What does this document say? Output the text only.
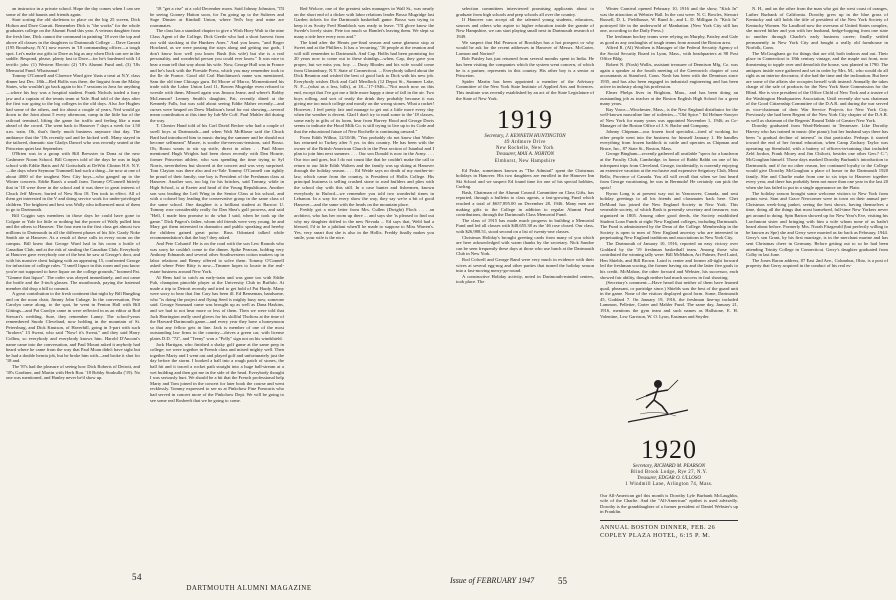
an instructor in a private school. Hope the day comes when I can see some of the old haunts and friends again.

Start sorting the old skeletons to place on the big 25 screen, Dick Holton and Dave Garratt. Remember Dick is "the works" for the whole graduates college on the Alumni Fund this year. A veteran daughter from the fresh line, Dick cannot the command in painting '18 over the top and above all classes in the daughters to Dartmouth College ... Dave Garratt (195 Broadway, N.Y.) now moves in '18 commanding officer—a tough spot. Let's make our gifts to Dave as big as any when Dick can see in the saddle. Respond, please, plenty fast to Dave—for he's burdened with 14 terrific jobs: (1) Western Electric (2) '18's Alumni Fund and, (3) '18s Memorial Fund. Whatssmat!

Tommy O'Connell and Clarence Ward give 'thats a treat at N.Y. class dinner last Dec. 18th—Red Hollis was there, the linguist from the Malay States, who wouldn't go back again to his 7 sessions in Java for anything—where his boy was a hospital student. Frank Nichols traded a furry jaw and a captain of the tennis team at Yale. Bud told of the days after the first war going to the big colleges in the old days. Also Joe Hughes had some of the others, and for about a couple of years, Ned would go down to the Joint about 5 every afternoon, camp in the little bar of the railroad terminal, lifting the game for traffic and feeling like a man ahead of the crowd. The went back to Hanover 7 days a week for 1.50 a.m. train. Oh, that's finely much business anymore that day. The ambiance that the '18s recently sad and he kicked well. Many stayed in the tailored, dramatic star Gladys Dancel who was recently seated at the Princeton quiet last September.

O'Brien was in a group with Bill Brewster in Dona at the new Cashmere Noom School. Bill Conyers told of the days he was in high school with Eddie Batts and Al Gottschalk at DeWitt Clinton H.S. N.Y.—the days when Seymour Trammell had such a thing—he now at one of about 4000 of the toughest New City boys—who ganged up to the Winter concerts. Eddie Baas's a small farm. Tommy O'Connell bitterly that in '18 were there in the school and it was there to great interest of Chuck Jeff Mercer, buried of New Rou 18. Ten took in effect. All of them get interested in the V and doing service work for under-privileged children. The brightest and best was Wally who influenced most of them to go to Dartmouth.

Bill Coggin says members in those days he could have gone to Colgate or Yale for little or nothing but the power of Wally pulled him and the others to Hanover. The four men in the first class get almost two millions to Dartmouth in all the different phases of his life. Gardy Noke Smith ate at Hanover. As a result of these calls in every room on the campus. Bill knew that George Ward had in his room a bottle of Canadian Club, and at the risk of stealing the Canadian Club, Everybody at Hanover gave everybody one of the best he saw at George's door, and with his massive chest bulging with an appearing 15, confronted George for infraction of college rules. "I smell liquor in this room and you know you're not supposed to have liquor on the college grounds," boomed Pat. "Gimme that liquor". The order was obeyed immediately, and out came the bottle and the 3-inch glasses. The mouthwash, paying the fraternal member did drop a bill to commit.

A great contribution to the fresh continent that night by Bill Bungling and on the noon chair, Jimmy John Cubage. In the conversation, Pete Carolyn came along, to the spot, he went in Fenton Hall with Bill Gittings—and Pat Carolyn came in were reflected in as an editor at Rod Stewart's wedding. Sure, they remember Lanny. The school-years remembered Snodo Cleveland, now holding in the mountain of St. Petersburg, and Dick Knutson, of Haverhill, going in 3-part with such "brokers" 13 Sweat, who said "Now! it's Sweat," and they said Harry Collins, so everybody and everybody knows him. Harold D'Anconi's name came into the conversation, and Paul Mount asked it anybody had heard where he came from the way that Paul Moan didn't have sight but he had a double hernia job, but he broke him with—and broke it shot for '18 and.

The '87s had the pleasure of seeing how Dick Roberts of Detroit, and '18's Gardiner, and Martin with Herb Ron. '18 Bobby Strakulla ('19). No one was mentioned, and Hanley never he'd show up.

'18 "get a rise" at a cold December morn. Said Johnny Johnston, "I'll be seeing Gooney Hatton soon, for I'm going up to the Sulteres and Suge Dinster at Kimball Union, where Ted's boy and mine are roommates.

The class has a standard chapter to give a Wish Hoey Walt to the nine Class Agent of the College, Dick Geetle who had a short harvest from our wild stacking at the Hunkers Anes." And you know, "and Roger Howland, as we were passing the stays along and getting our gods, I don't know how well you know Bush (his wife) but she is a real personality, and wonderful person you could ever know." It was nice to hear a man tell that way about his wife. Now, George Hull was in France and he's back with the Fireside Press, which you may remember took to the Ile de France. Good old Carl Hutchinson's name was mentioned, Sam the old time Chicago guru. Ed Moore of Marco, Mcmentioned his trade with the Labor Union Leal 11, Bowen Mugridge even refused to wrestle with them. Missed again was Jimaca Jeane, and where's Robby McLennon? Lenney Smith's daughter, Pat, recently dined at the Kennedy Falls, but was sold about seeing Eddie Maher recently—and curses were heaped on Drew Madison's head for not showing—several mean contribution at this time by Iub-Me Coff. Paul Mahler did during the way.

T. Chester Hand told of his Carl David Becker who had a couple of swell boys at Dartmouth—and when Walt McBlasse said the Chuck Bard had introduced him to music during the summer and he should not become selfmeant" Musee, is soothe the-nervous-tensions, said Bosso. Oh, Bosso wants to stir up strife, direct in other. . . Paul Moser mentioned Hugh Wrights had been down recently with Dan Hourie, former Princeton athlete, who was spending the time trying to Syl Norris, nevertheless but showed at the concert and was very surprised. Tom Clayton was there also and ex-Yale Tommy O'Connell can rightly be proud of their family; one boy is President of the Freshman class at Hanover. Another son, too big for his britches, said Tommy, while in High School, is at Exeter and head of the Young Republicans. Another son was leading the Left Wing in the Senior Class at his school, and with a colonel boy leading the conservative group in the same class of the same school. One daughter is a brilliant student at Barrow U. Tommy rose considerably really for Dan Shea's golf prowess, and said "Hell, I made him promise to do what I said, when he took up the game." Dick Pageot's father, whom old friends were very young, he and Mary got them interested in dramatics and public speaking and hereby the children gained great poise. Russ Odontard talked while recommendation's that the boy? they asked.

And Pete Colsanti! He is on the road with the son Lew Rounds who was sorry he couldn't come to the dinner. Spike Pearson, holding very Anthony Edmands and several other Southwestern cotton mutters up in labor relations and Benny offered to solve them. Tommy O'Connell asked where Peter Ritty is now—Timmer hopes to locate in the real-estate business around New York.

Al Hens had to catch an early-train and was gone too with Eddie Fuh, champion pinochle player at the University Club in Buffalo. At made a trip to Detroit recently and tried to get hold of Pat Hardy. Many were sorry to hear that Jim Cary has been ill. Ed Benseman, handsome, who "is doing the project and flying Seed is mighty busy now, someone said. George Soumazd came was brought up as well as Dana Haskins, and we had to not hear more or less of them. Then we were told that Jack Harrington really used gloves for his skillful Tholtoss at the time of the Harvard-Dartmouth game—and every year they have a honeymoon so that any fellow gets in line. Jack is member of one of the most outstanding law firms in the country—drives a green car, with license plates D.D. "72", and "Teeny" won a "Polly" sign not on his windshield.

Jack Hartigan, who finished a shaky golf game at the same prep in college; we were together in French class and mixed mighty well. Then together Marty and I went out and played golf and unfortunately just the day before the storm. I booked a ball into a rough patch of stones, the ball hit and it traced a rocket path straight into a huge ball-stream at a wet building and then got me in the side of the head. Everybody thought I was seriously hurt. We should be a bit that the French professional help Marty and Tom joined in the concert for later book the course and went recklessly. Tommy expressed to see us at Pinkchow Fine Fomcarts who had served in concert more of the Pinkchow Dept. We will be going to see some real Rosbeeft that we be going to come.

Red Wolcoe, one of the greatest sales managers in Wall St., was nearly on the short end of a dicker with labor relations leader Bosso Mugridge last Garden tickets for the Dartmouth basketball game. Bosso was trying to keep it as Scotty Fred Hamblock was ready to leave. "I'll glove know the Swede's lovely sister. Pete too much so Hamlet's leaving them. We slept so many a ride here every now and."

The kind after the Hearts pre-final season and some glamour stop at Sweet and at the Philliers. It has a 'recurring,' '16 people at the reunion and will still remember to Dartmouth. And Cap. Hollis had been promising for 20 years now to come out to these shindigs—when, Cap, they gave you proper, but we miss you, boy. ... Dusty Rhodes and his wife would come from Glastonbury, N.Y. State of Connecticut. ... Everybody talked about the Dick Reunion and wished the best of good luck to Dick with his new job. Everybody wishes Dick and Gulf Merdlock (12 Depot St., Summer Lake, N. F.—(what as a less, bills), at 18—'17-1946—"Not much now on this end, except that I've got me a little more happy a time of fall in the air. Two boys rolling, and sort of ready the drink they probably because it was giving me too much college and mostly on the wrong stones. What a racket! However, I feel pretty fair and manage to get out a little more every day when the weather is decent. Glad I don't try to mail some to the '18 classes, some early in gifts of its loom, hear from Harvey Hood and George Davis seems to indicate the Hood Milk Co. is still trying to live up to its Code and that the educational future of New Rochelle is continuing onward."

From Edith Wilbur, 12/10/46, "You probably do not know that Walter has returned to Turkey after 5 yrs. in this country. He has been with the owner of the British-American Church in the Pera section of Istanbul and I plan to join him next summer. . . . Our son Donald is now in the Army. . . . Our two and goes, but I do not count like that he couldn't make the call to return to our little Edith Walters and the family was up skiing at Hanover through the holiday season. . . . Ed Weide says no death of my mother-in-law, which came from the country, is President of Hollis College. His principal business is selling crushed stone to road builders and plies with the school day with this still. In a case hunter and fishermen, known everybody in Buford—we remember you told two wonderful times in Lebanon. In a way for every show the way, they say we're a bit of good Hanover—and the same with the heads on the mountain place.

Freddy got a nice letter from Mrs. Cullen (Dwight) Flock . . . an architect, who has her room up there ... and says she 'is pleased to find out why my daughter drifted to the new Nevada ... Ed says that, Weld had a blessed, I'd to be a jubilant when'll be made to suppose to Miss Warren's. Yes, very smart that she is also in the Hollis. Freddy finally makes you smile, your wife is the nice.

54
DARTMOUTH ALUMNI MAGAZINE

selection committees interviewed promising applicants about to graduate from high schools and prep schools all over the country.

If Hanover can accept all the talented young students, educators, sources and others who aspire to higher education inside the granite of New Hampshire, we can start playing small next in Dartmouth research of 1949.

We suspect that Hal Pearson of Brooklyn has a hot prospect or why would he ask for the recent addresses in Hanover of Messrs. McCarter, Larmon and Norton?

Bob Paisley has just returned from several months spent in India. He has been visiting the companies which the system went concern, of which he is a partner, represents in this country. His other boy is a senior at Princeton.

Spider Martin has been appointed a member of the Advisory Committee of the New York State Institute of Applied Arts and Sciences. This institute was recently established by an act of the State Legislature of the State of New York.

1919
Secretary, J. KENNETH HUNTINGTON
49 Ardmore Drive
New Rochelle, New York
Treasurer, MAX A. NORTON
Elmhurst, New Hampshire

Ed Fiske, sometimes known as "The Admiral" spent the Christmas holidays in Hanover. His two daughters are enrolled in the Hanover Inn Ski School and we suspect Ed found time for one of his special hobbies, Curling.

Bash, Chairman of the Alumni Council Committee on Class Gifts, has reported, through a bulletin to class agents, a fast-growing Fund which reached a total of $657,895.00 on December 28, 1946. Many men are making gifts to the College in addition to regular Alumni Fund contributions, through the Dartmouth Class Memorial Fund.

The class of 1915 has made much progress in building a Memorial Fund and led all classes with $48,655.38 as the '46 rose closed. Our class, with $26,988.51, stood second on a list of twenty-one classes.

Christmas Holiday's brought greeting cards from many of you which are here acknowledged with warm thanks by the secretary. Nick Sandoe can be seen frequently these days at those who use lunch at the Dartmouth Club in New York.

Rod Colwell and George Rand were very much in evidence with their wives at several egg-nog and other parties that turned the holiday season into a fast-moving merry-go-round.

A constructive Holiday activity, noted in Dartmouth-minded centers, took place. The

Winter Carnival opened February 10, 1916 and the show, "Kick In" was the attraction at Webster Hall. In the cast were: N. C. Bowles, Stewart Russell, D. L. Fieldhouse, W. Rund Jr., and L. D. Milligan Jr. "Kick In" portrayed life in the underworld of Manhattan. (New York City still has one, according to the Daily Press.)

The freshman hockey teams were relying on Murphy, Paisley and Gale as good as any onslaughts of tough teams from around the Boston area.

Alfred R. (Al) Worthen is Manager of the Federal Security Agency of the Social Security Board in Lynn, Mass., with headquarters at 98 Post Office Bldg.

Robert N. (Nosh) Wallis, assistant treasurer of Dennison Mfg. Co. was again a speaker at the fourth meeting of the Greenwich chapter of cost accountants at Stamford, Conn. Nosh has been with the Dennison since 1935, and has also been engaged in industrial engineering and has been active in industry along his profession.

Elmer Phelps lives in Brighton, Mass., and has been doing an outstanding job as teacher at the Boston English High School for a great many years.

Ray Vorce—Winchester, Mass., is the New England distributor for the well-known masculine line of toiletries—"Old Spice." Ed Helmer-Sawyer of New York for many years was appointed November 1, 1946, as Co-Manager of the Boston Office of J. S. Bache and Company.

Johnny Chipman—our frozen food specialist—tired of working for other people went into the business for himself January 1. He handles everything from frozen haddock to cattle and operates as Chipman and Bruce, Inc., 87 State St., Boston, Mass.

George Bingham—recently gathered all available "specs for a luncheon at the Faculty Club, Cambridge, in honor of Rabbi Rabbi on one of his infrequent trips from Cleveland, George, incidentally, is currently enjoying an extensive vacation at the exclusive and expensive Seigniory Club, Mont Bello, Province of Canada. You all will recall that when we last heard from George vacationing, he was in Bermuda! He certainly can pick the spots!

Byron Long is at present way out in Vancouver, Canada, and sent holiday greetings to all his friends and classmates back here. Chet DeMond has joined the New England Society in New York. This venerable society, of which Bash is presently secretary and treasurer, was organized in 1805. Among other good deeds, the Society established Student Loan Funds at eight New England colleges, including Dartmouth. The Fund is administered by the Dean of the College. Membership in the Society is open to men of New England ancestry who are interested in perpetuating New England traditions and associations in New York City.

The Dartmouth of January 10, 1916, reported an easy victory over Goddard by the '19 freshman basketball team. Among those who contributed the winning tally were: Bill McMahon, Art Palmer, Fred Laird, Hen Shields, and Bill Brown. Laird is center and former all-tight forward led the freshman scoring, the former having six and the latter five goals to his credit. McMahon, the other forward and Webster, his successor, each showed fair ability, though neither had much success in foul shooting.

(Secretary's comment:—Have heard that neither of them have learned quail, pheasant, or partridge since.) Shields was the best of the guard unit in the game. None of the visitors displayed good form. Some, Dartmouth 45, Goddard 7. On January 19, 1916, the freshman line-up included Lammon, Pelletier, Carter and Mahler Fund. The same day, January 21, 1916, mentions the gym team and such names as Hallstone, E. H. Valentine, Lew Garrison, W. O. Lyon, Eastman and Snyder.

N. H., and on the other from the man who got the west coast of oranges, Luther Burbank of California. Dorothy grew up in the blue grass of Kentucky and still holds the title of president of the New York Society of Kentucky Women. No Landlord now the overseas of United States complex, she moved hither and yon with her husband, hedge-hopping from one state to another through Charlie's early business career; finally settled permanently in New York City and bought a really old farmhouse in Norfolk, Conn.

The McGoughans go for things that are old, both indoors and out. Their place in Connecticut is 18th century vintage, and the maple out front, now threatening to topple over and demolish the house, was planted in 1790. The antiques inside were gathered and set in order by Mrs. M., who would do all right as an interior decorator, if she had the time and the inclination. But here are some of the affairs she occupies herself with instead: Annually the takes charge of the sale of products for the New York State Commission for the Blind. She is vice president of the Office Child of New York and a trustee of the Washington Headquarters Association, Until recently she was chairman of the Good Citizenship Committee of the D.A.R. and during the war served as vice-chairman of their War Service Projects for New York City. Previously she had been Regent of the New York City chapter of the D.A.R. as well as chairman of the Regents' Round Table of Greater New York.

Dorothy graduated from Ward-Belmont in Tennessee. Like Dorothy Harvey who has trained in music (the piano); but her husband says there has been "a gradual decline of interest" in that particular. Perhaps it started toward the end of her formal education, when Camp Zachary Taylor was operating up Sternhold, with a battery of officers-in-training that included Zeld Jordon, Frank Morey and Jim Chilcott, besides one other Gen.? C."; McGoughan himself. Those days marked Dorothy Burbank's introduction to Dartmouth; and if for no other reason, her continued loyalty to the College would give Dorothy McGoughan a place of honor in the Dartmouth 1920 family. She and Charlie make from one to six trips to Hanover together every year, and there has probably been not more than one year in the last 20 when she has failed to put in a single appearance on the Plain.

The holiday season brought some welcome visitors to New York from points west. Stan and Grace Newcomer were in town on their annual pre-Christmas week-long junket, seeing the best shows, having themselves a time, doing all the things that most homebred, full-time New Yorkers never get around to doing. Spin Barton showed up for New Year's Eve, visiting his Larchmont sister and bringing with him a wife whom none of us hadn't heard about before. Formerly Mrs. Norah Fitzgerald (but perfectly willing to be known as Spe) she and Gerry were married as far back as February, 1944. Gerry's son Grant, by his first marriage, is in the merchant marine and has sent Christmas cheer in Germany. Before getting out to so he had been attending Trinity College in Connecticut. Gerry's daughter graduated from Colby in last June.

The Jones Baron address, 87 East 2nd Ave., Columbus, Ohio, is a post of property that Gerry acquired in the conduct of his real es-

1920
Secretary, RICHARD M. PEARSON
Blind Brook Lodge, Rye 27, N.Y.
Treasurer, EDGAR O. ULLOSO
1 Windmill Lane, Arlington 74, Mass.

Our All-American girl this month is Dorothy Lyle Burbank McLaughlin, wife of the Charlie. And the "All-American" epithet is used advisedly. Dorothy is the granddaughter of a former president of Daniel Webster's up in Franklin.

ANNUAL BOSTON DINNER, FEB. 26
COPLEY PLAZA HOTEL, 6:15 P. M.
Issue of FEBRUARY 1947	55
